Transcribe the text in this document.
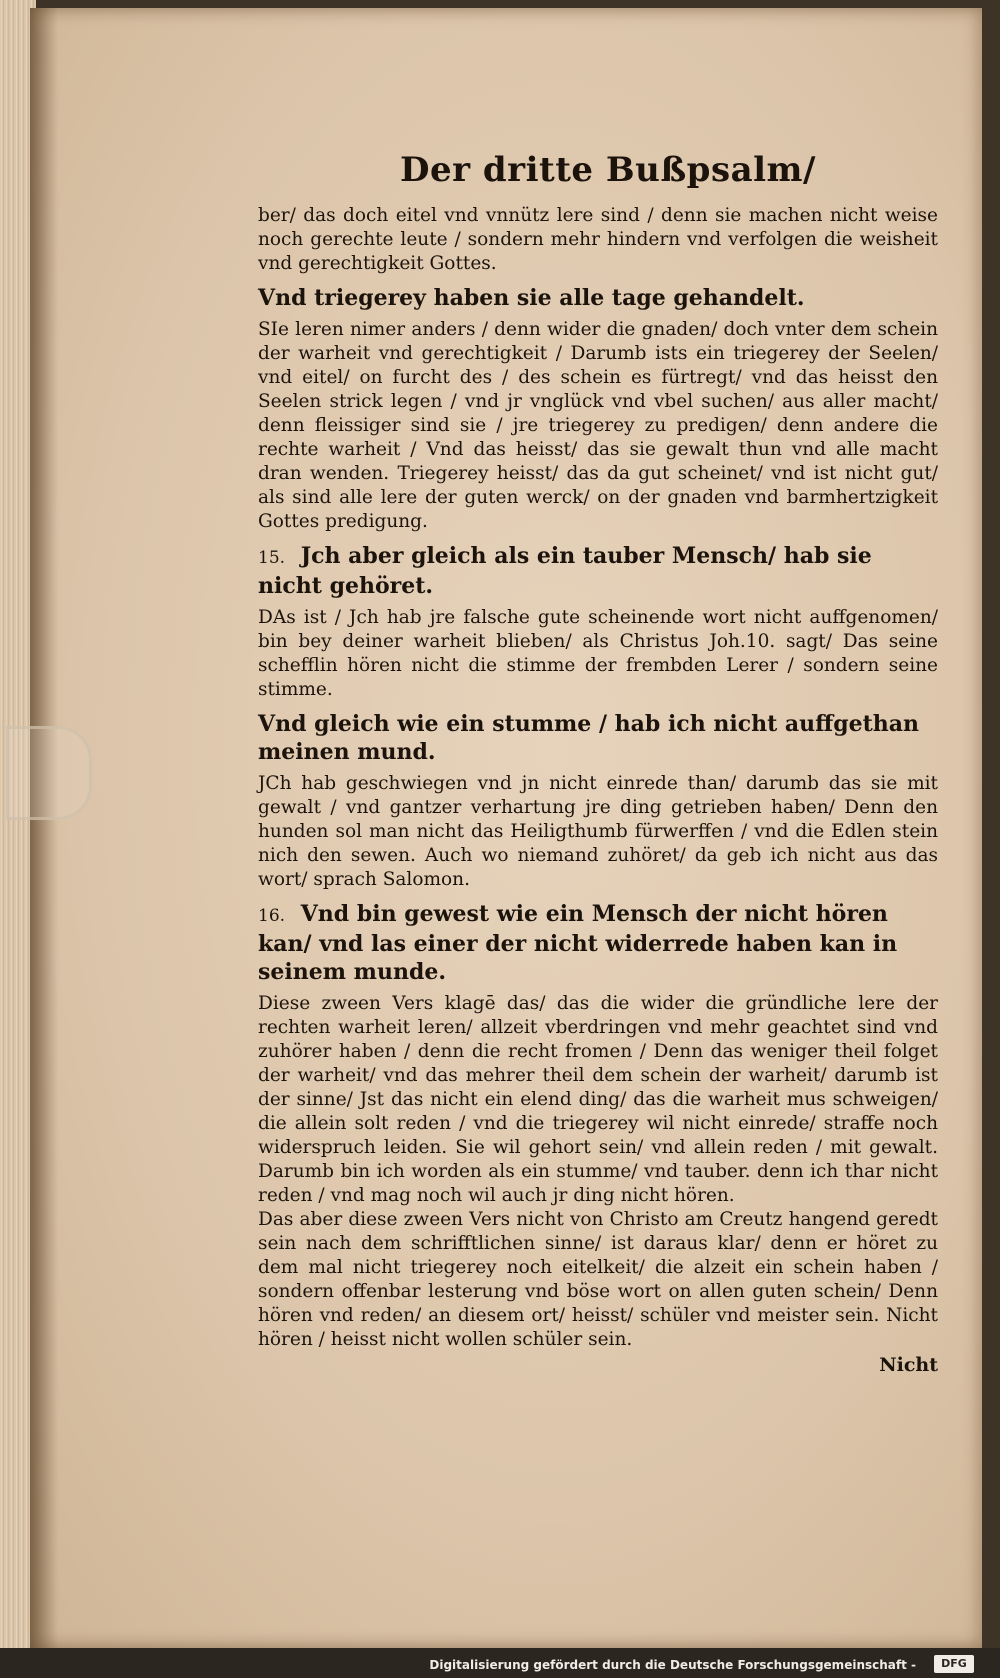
Der dritte Bußpsalm/

ber/ das doch eitel vnd vnnütz lere sind / denn sie machen nicht weise noch gerechte leute / sondern mehr hindern vnd verfolgen die weisheit vnd gerechtigkeit Gottes.

Vnd triegerey haben sie alle tage gehandelt.

SIe leren nimer anders / denn wider die gnaden/ doch vnter dem schein der warheit vnd gerechtigkeit / Darumb ists ein triegerey der Seelen/ vnd eitel/ on furcht des / des schein es fürtregt/ vnd das heisst den Seelen strick legen / vnd jr vnglück vnd vbel suchen/ aus aller macht/ denn fleissiger sind sie / jre triegerey zu predigen/ denn andere die rechte warheit / Vnd das heisst/ das sie gewalt thun vnd alle macht dran wenden. Triegerey heisst/ das da gut scheinet/ vnd ist nicht gut/ als sind alle lere der guten werck/ on der gnaden vnd barmhertzigkeit Gottes predigung.

15. Jch aber gleich als ein tauber Mensch/ hab sie nicht gehöret.

DAs ist / Jch hab jre falsche gute scheinende wort nicht auffgenomen/ bin bey deiner warheit blieben/ als Christus Joh.10. sagt/ Das seine schefflin hören nicht die stimme der frembden Lerer / sondern seine stimme.

Vnd gleich wie ein stumme / hab ich nicht auffgethan meinen mund.

JCh hab geschwiegen vnd jn nicht einrede than/ darumb das sie mit gewalt / vnd gantzer verhartung jre ding getrieben haben/ Denn den hunden sol man nicht das Heiligthumb fürwerffen / vnd die Edlen stein nich den sewen. Auch wo niemand zuhöret/ da geb ich nicht aus das wort/ sprach Salomon.

16. Vnd bin gewest wie ein Mensch der nicht hören kan/ vnd las einer der nicht widerrede haben kan in seinem munde.

Diese zween Vers klagē das/ das die wider die gründliche lere der rechten warheit leren/ allzeit vberdringen vnd mehr geachtet sind vnd zuhörer haben / denn die recht fromen / Denn das weniger theil folget der warheit/ vnd das mehrer theil dem schein der warheit/ darumb ist der sinne/ Jst das nicht ein elend ding/ das die warheit mus schweigen/ die allein solt reden / vnd die triegerey wil nicht einrede/ straffe noch widerspruch leiden. Sie wil gehort sein/ vnd allein reden / mit gewalt. Darumb bin ich worden als ein stumme/ vnd tauber. denn ich thar nicht reden / vnd mag noch wil auch jr ding nicht hören.

Das aber diese zween Vers nicht von Christo am Creutz hangend geredt sein nach dem schrifftlichen sinne/ ist daraus klar/ denn er höret zu dem mal nicht triegerey noch eitelkeit/ die alzeit ein schein haben / sondern offenbar lesterung vnd böse wort on allen guten schein/ Denn hören vnd reden/ an diesem ort/ heisst/ schüler vnd meister sein. Nicht hören / heisst nicht wollen schüler sein.

Nicht
Digitalisierung gefördert durch die Deutsche Forschungsgemeinschaft -	DFG
